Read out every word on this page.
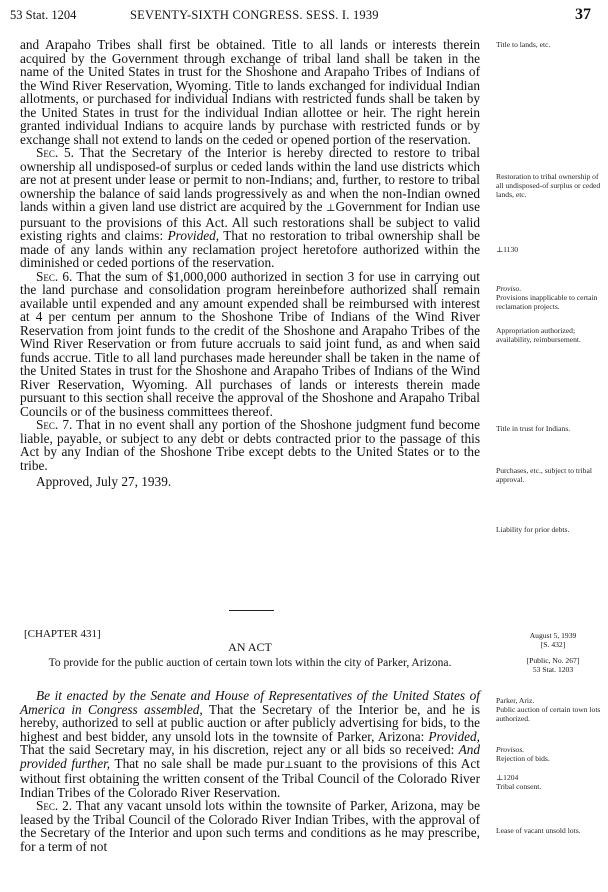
53 Stat. 1204	SEVENTY-SIXTH CONGRESS. SESS. I. 1939	37

and Arapaho Tribes shall first be obtained. Title to all lands or interests therein acquired by the Government through exchange of tribal land shall be taken in the name of the United States in trust for the Shoshone and Arapaho Tribes of Indians of the Wind River Reservation, Wyoming. Title to lands exchanged for individual Indian allotments, or purchased for individual Indians with restricted funds shall be taken by the United States in trust for the individual Indian allottee or heir. The right herein granted individual Indians to acquire lands by purchase with restricted funds or by exchange shall not extend to lands on the ceded or opened portion of the reservation.

Sec. 5. That the Secretary of the Interior is hereby directed to restore to tribal ownership all undisposed-of surplus or ceded lands within the land use districts which are not at present under lease or permit to non-Indians; and, further, to restore to tribal ownership the balance of said lands progressively as and when the non-Indian owned lands within a given land use district are acquired by the ⊥Government for Indian use pursuant to the provisions of this Act. All such restorations shall be subject to valid existing rights and claims: Provided, That no restoration to tribal ownership shall be made of any lands within any reclamation project heretofore authorized within the diminished or ceded portions of the reservation.

Sec. 6. That the sum of $1,000,000 authorized in section 3 for use in carrying out the land purchase and consolidation program hereinbefore authorized shall remain available until expended and any amount expended shall be reimbursed with interest at 4 per centum per annum to the Shoshone Tribe of Indians of the Wind River Reservation from joint funds to the credit of the Shoshone and Arapaho Tribes of the Wind River Reservation or from future accruals to said joint fund, as and when said funds accrue. Title to all land purchases made hereunder shall be taken in the name of the United States in trust for the Shoshone and Arapaho Tribes of Indians of the Wind River Reservation, Wyoming. All purchases of lands or interests therein made pursuant to this section shall receive the approval of the Shoshone and Arapaho Tribal Councils or of the business committees thereof.

Sec. 7. That in no event shall any portion of the Shoshone judgment fund become liable, payable, or subject to any debt or debts contracted prior to the passage of this Act by any Indian of the Shoshone Tribe except debts to the United States or to the tribe.

Approved, July 27, 1939.

[CHAPTER 431]
AN ACT
To provide for the public auction of certain town lots within the city of Parker, Arizona.

Be it enacted by the Senate and House of Representatives of the United States of America in Congress assembled, That the Secretary of the Interior be, and he is hereby, authorized to sell at public auction or after publicly advertising for bids, to the highest and best bidder, any unsold lots in the townsite of Parker, Arizona: Provided, That the said Secretary may, in his discretion, reject any or all bids so received: And provided further, That no sale shall be made pur⊥suant to the provisions of this Act without first obtaining the written consent of the Tribal Council of the Colorado River Indian Tribes of the Colorado River Reservation.

Sec. 2. That any vacant unsold lots within the townsite of Parker, Arizona, may be leased by the Tribal Council of the Colorado River Indian Tribes, with the approval of the Secretary of the Interior and upon such terms and conditions as he may prescribe, for a term of not

Title to lands, etc.
Restoration to tribal ownership of all undisposed-of surplus or ceded lands, etc.
⊥1130
Proviso.
Provisions inapplicable to certain reclamation projects.
Appropriation authorized; availability, reimbursement.
Title in trust for Indians.
Purchases, etc., subject to tribal approval.
Liability for prior debts.
August 5, 1939
[S. 432]
[Public, No. 267]
53 Stat. 1203
Parker, Ariz.
Public auction of certain town lots authorized.
Provisos.
Rejection of bids.
⊥1204
Tribal consent.
Lease of vacant unsold lots.
